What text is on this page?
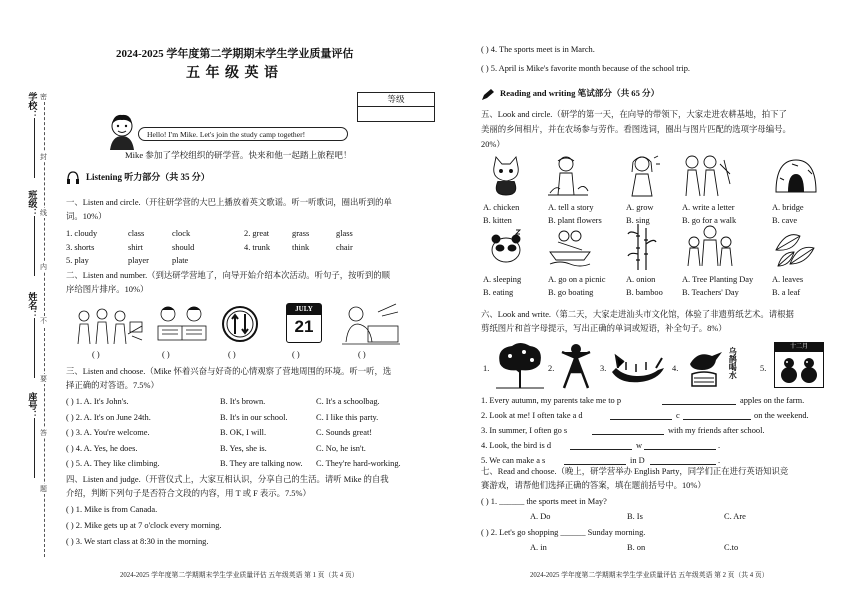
学校：
班级：
姓名：
座号：
密
封
线
内
不
要
答
题
2024-2025 学年度第二学期期末学生学业质量评估
五 年 级 英 语
等级
Hello! I'm Mike. Let's join the study camp together!
Mike 参加了学校组织的研学营。快来和他一起踏上旅程吧！
Listening 听力部分（共 35 分）
一、Listen and circle.（开往研学营的大巴上播放着英文歌谣。听一听歌词，圈出听到的单
词。10%）
二、Listen and number.（到达研学营地了，向导开始介绍本次活动。听句子，按听到的顺
序给图片排序。10%）
JULY
21
三、Listen and choose.（Mike 怀着兴奋与好奇的心情观察了营地周围的环境。听一听，选
择正确的对答语。7.5%）
四、Listen and judge.（开营仪式上，大家互相认识，分享自己的生活。请听 Mike 的自我
介绍，判断下列句子是否符合文段的内容，用 T 或 F 表示。7.5%）
( ) 1. Mike is from Canada.
( ) 2. Mike gets up at 7 o'clock every morning.
( ) 3. We start class at 8:30 in the morning.
2024-2025 学年度第二学期期末学生学业质量评估 五年级英语 第 1 页（共 4 页）
( ) 4. The sports meet is in March.
( ) 5. April is Mike's favorite month because of the school trip.
Reading and writing 笔试部分（共 65 分）
五、Look and circle.（研学的第一天，在向导的带领下，大家走进农耕基地，拍下了
美丽的乡间相片，并在农场参与劳作。看图选词，圈出与图片匹配的选项字母编号。
20%）
六、Look and write.（第二天，大家走进汕头市文化馆，体验了非遗剪纸艺术。请根据
剪纸图片和首字母提示，写出正确的单词或短语，补全句子。8%）
乌 鹊 喝 水	十二月
七、Read and choose.（晚上，研学营举办 English Party，同学们正在进行英语知识竞
赛游戏，请帮他们选择正确的答案，填在题前括号中。10%）
( ) 1. ______ the sports meet in May?
A. Do	B. Is	C. Are
( ) 2. Let's go shopping ______ Sunday morning.
A. in	B. on	C.to
2024-2025 学年度第二学期期末学生学业质量评估 五年级英语 第 2 页（共 4 页）
1. cloudy	class	clock	2. great	grass	glass
3. shorts	shirt	should	4. trunk	think	chair
5. play	player	plate
( )	( )	( )	( )	( )
( ) 1. A. It's John's.	B. It's brown.	C. It's a schoolbag.
( ) 2. A. It's on June 24th.	B. It's in our school.	C. I like this party.
( ) 3. A. You're welcome.	B. OK, I will.	C. Sounds great!
( ) 4. A. Yes, he does.	B. Yes, she is.	C. No, he isn't.
( ) 5. A. They like climbing.	B. They are talking now. C. They're hard-working.
A. chicken	A. tell a story	A. grow	A. write a letter	A. bridge
B. kitten	B. plant flowers	B. sing	B. go for a walk	B. cave
A. sleeping	A. go on a picnic A. onion	A. Tree Planting Day A. leaves
B. eating	B. go boating	B. bamboo B. Teachers' Day	B. a leaf
1.	2.	3.	4.	5.
1. Every autumn, my parents take me to p	apples on the farm.
2. Look at me! I often take a d	c	on the weekend.
3. In summer, I often go s	with my friends after school.
4. Look, the bird is d	w	.
5. We can make a s	in D	.
